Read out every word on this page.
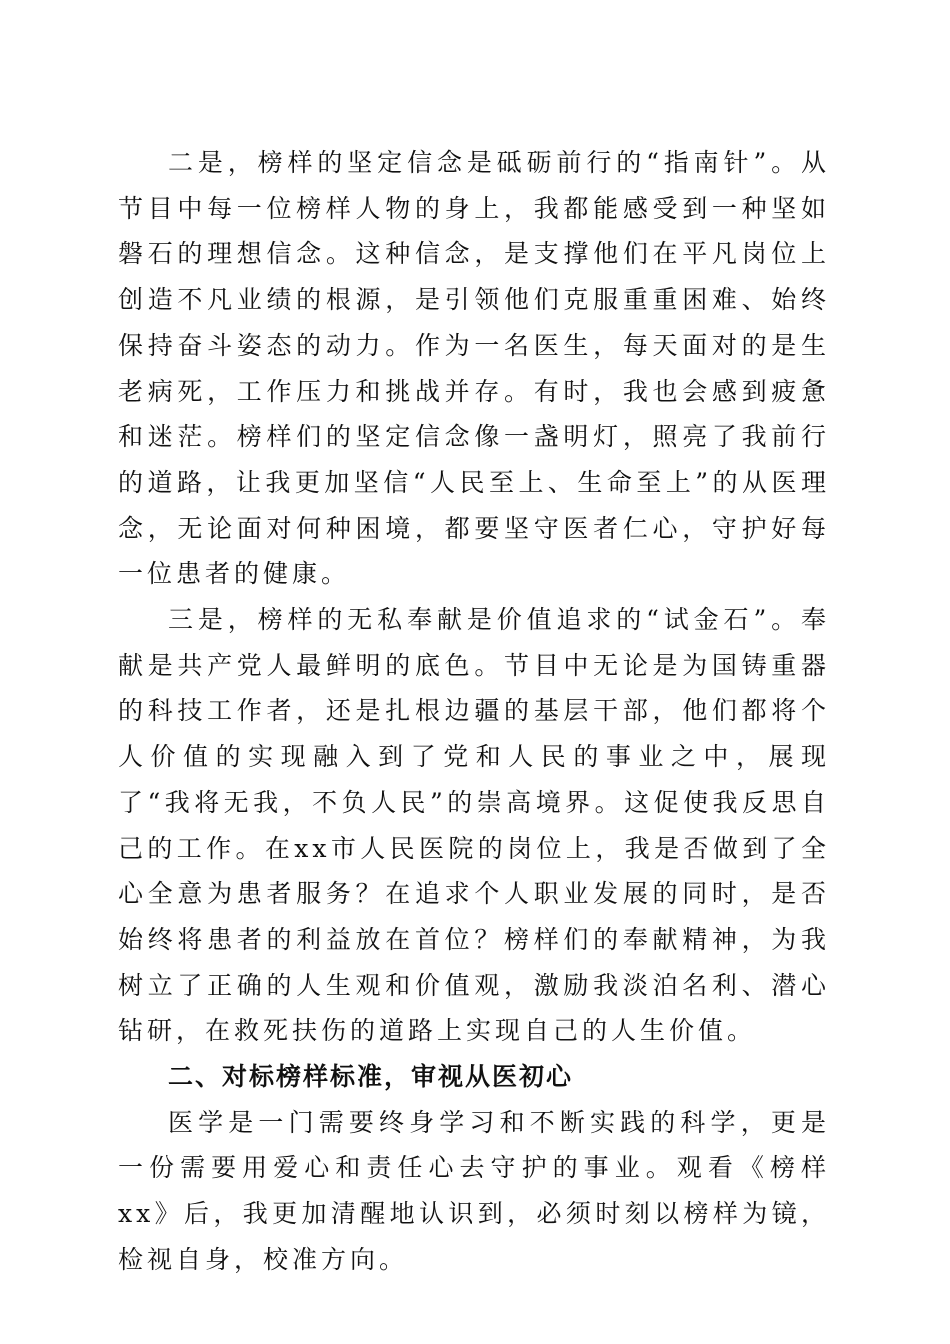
二是，榜样的坚定信念是砥砺前行的“指南针”。从节目中每一位榜样人物的身上，我都能感受到一种坚如磐石的理想信念。这种信念，是支撑他们在平凡岗位上创造不凡业绩的根源，是引领他们克服重重困难、始终保持奋斗姿态的动力。作为一名医生，每天面对的是生老病死，工作压力和挑战并存。有时，我也会感到疲惫和迷茫。榜样们的坚定信念像一盏明灯，照亮了我前行的道路，让我更加坚信“人民至上、生命至上”的从医理念，无论面对何种困境，都要坚守医者仁心，守护好每一位患者的健康。

三是，榜样的无私奉献是价值追求的“试金石”。奉献是共产党人最鲜明的底色。节目中无论是为国铸重器的科技工作者，还是扎根边疆的基层干部，他们都将个人价值的实现融入到了党和人民的事业之中，展现了“我将无我，不负人民”的崇高境界。这促使我反思自己的工作。在xx市人民医院的岗位上，我是否做到了全心全意为患者服务？在追求个人职业发展的同时，是否始终将患者的利益放在首位？榜样们的奉献精神，为我树立了正确的人生观和价值观，激励我淡泊名利、潜心钻研，在救死扶伤的道路上实现自己的人生价值。

二、对标榜样标准，审视从医初心

医学是一门需要终身学习和不断实践的科学，更是一份需要用爱心和责任心去守护的事业。观看《榜样xx》后，我更加清醒地认识到，必须时刻以榜样为镜，检视自身，校准方向。
